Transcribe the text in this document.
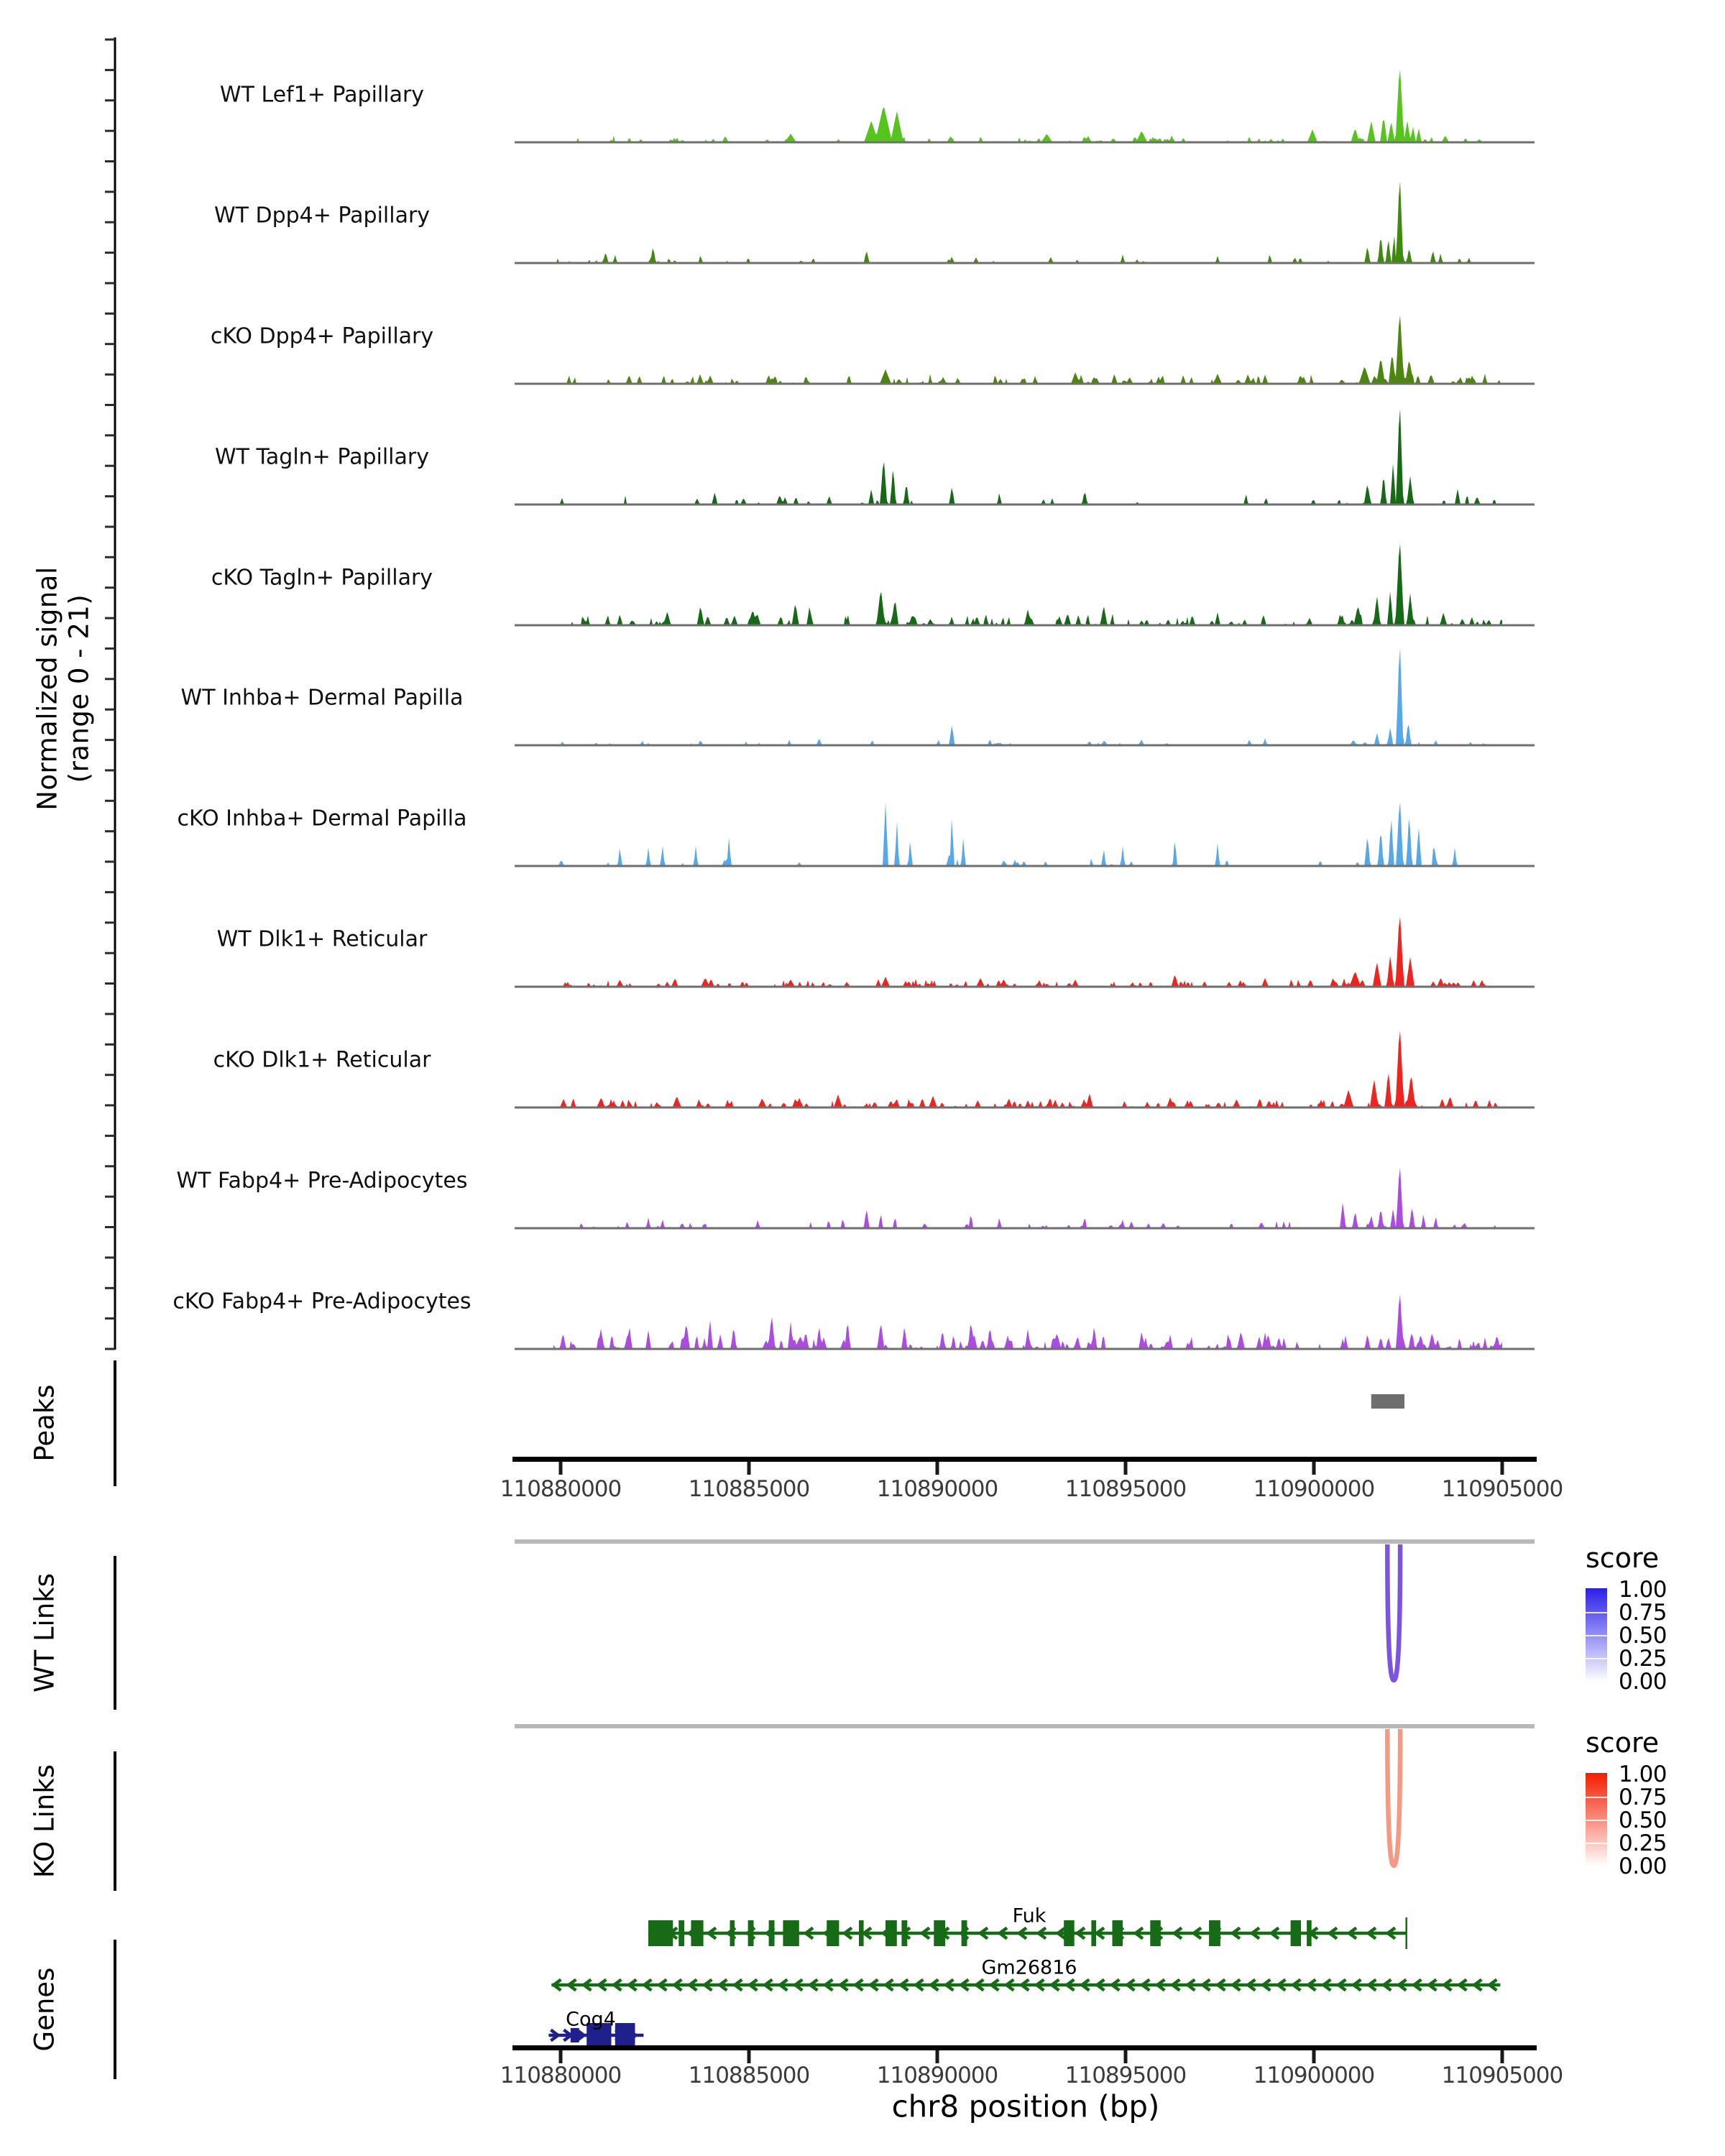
Normalized signal (range 0 - 21)
Peaks
WT Links
KO Links
Genes
WT Lef1+ Papillary
WT Dpp4+ Papillary
cKO Dpp4+ Papillary
WT Tagln+ Papillary
cKO Tagln+ Papillary
WT Inhba+ Dermal Papilla
cKO Inhba+ Dermal Papilla
WT Dlk1+ Reticular
cKO Dlk1+ Reticular
WT Fabp4+ Pre-Adipocytes
cKO Fabp4+ Pre-Adipocytes
110880000	110885000	110890000	110895000	110900000	110905000
110880000	110885000	110890000	110895000	110900000	110905000
chr8 position (bp)
score
1.00
0.75
0.50
0.25
0.00
score
1.00
0.75
0.50
0.25
0.00
Fuk
Gm26816
Cog4
